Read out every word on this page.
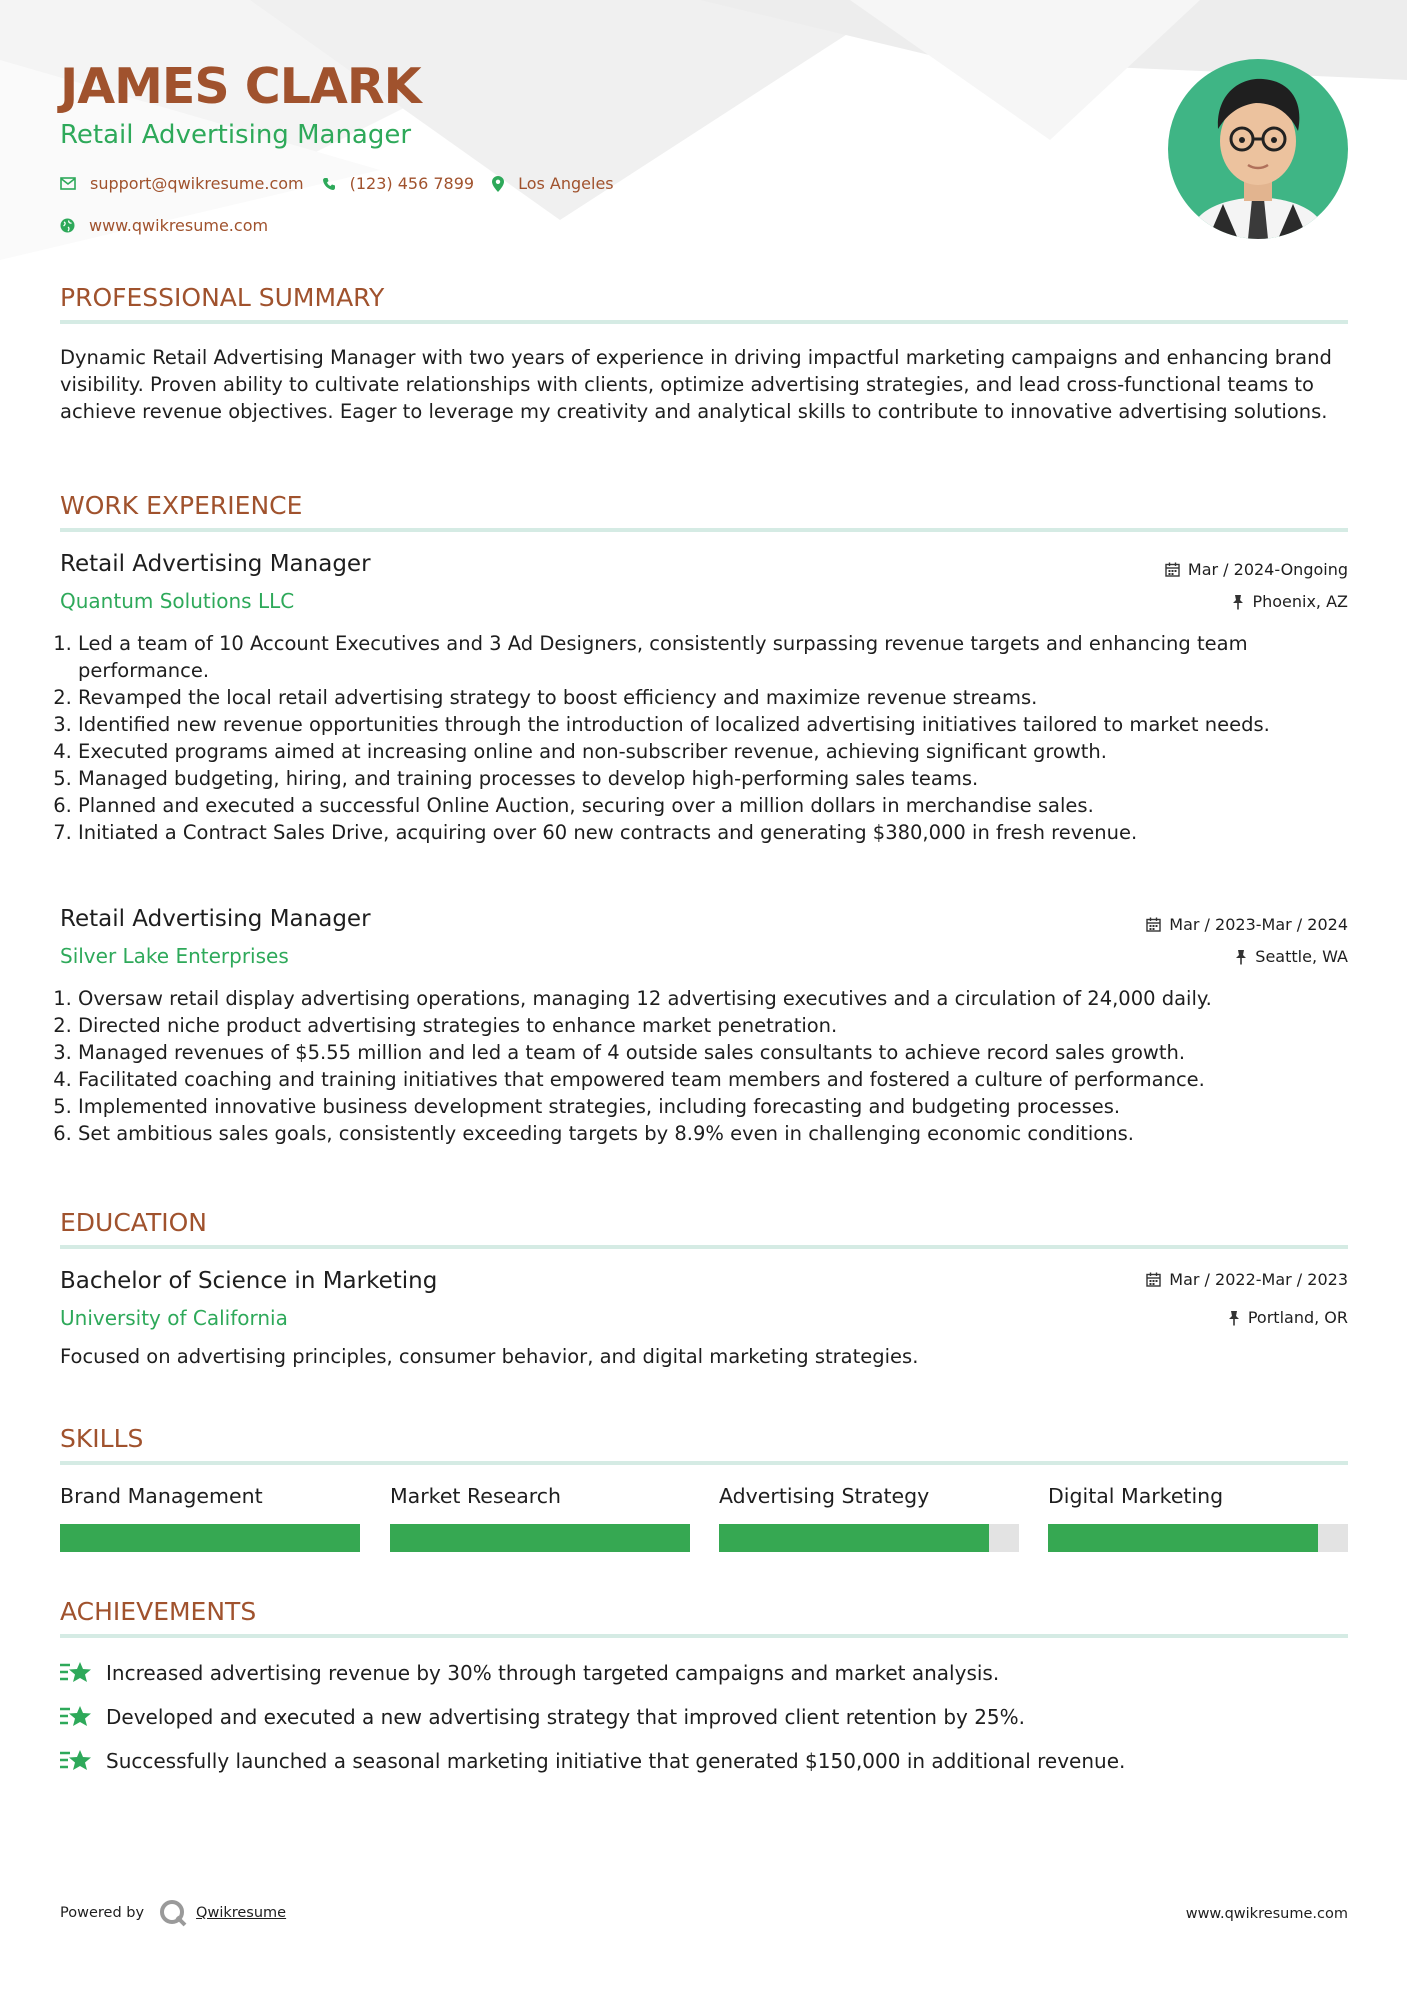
JAMES CLARK
Retail Advertising Manager
support@qwikresume.com	(123) 456 7899	Los Angeles
www.qwikresume.com
PROFESSIONAL SUMMARY

Dynamic Retail Advertising Manager with two years of experience in driving impactful marketing campaigns and enhancing brand visibility. Proven ability to cultivate relationships with clients, optimize advertising strategies, and lead cross-functional teams to achieve revenue objectives. Eager to leverage my creativity and analytical skills to contribute to innovative advertising solutions.

WORK EXPERIENCE
Retail Advertising Manager	Mar / 2024-Ongoing
Quantum Solutions LLC	Phoenix, AZ
1. Led a team of 10 Account Executives and 3 Ad Designers, consistently surpassing revenue targets and enhancing team performance.
2. Revamped the local retail advertising strategy to boost efficiency and maximize revenue streams.
3. Identified new revenue opportunities through the introduction of localized advertising initiatives tailored to market needs.
4. Executed programs aimed at increasing online and non-subscriber revenue, achieving significant growth.
5. Managed budgeting, hiring, and training processes to develop high-performing sales teams.
6. Planned and executed a successful Online Auction, securing over a million dollars in merchandise sales.
7. Initiated a Contract Sales Drive, acquiring over 60 new contracts and generating $380,000 in fresh revenue.
Retail Advertising Manager	Mar / 2023-Mar / 2024
Silver Lake Enterprises	Seattle, WA
1. Oversaw retail display advertising operations, managing 12 advertising executives and a circulation of 24,000 daily.
2. Directed niche product advertising strategies to enhance market penetration.
3. Managed revenues of $5.55 million and led a team of 4 outside sales consultants to achieve record sales growth.
4. Facilitated coaching and training initiatives that empowered team members and fostered a culture of performance.
5. Implemented innovative business development strategies, including forecasting and budgeting processes.
6. Set ambitious sales goals, consistently exceeding targets by 8.9% even in challenging economic conditions.
EDUCATION
Bachelor of Science in Marketing	Mar / 2022-Mar / 2023
University of California	Portland, OR

Focused on advertising principles, consumer behavior, and digital marketing strategies.

SKILLS
Brand Management	Market Research	Advertising Strategy	Digital Marketing
ACHIEVEMENTS
Increased advertising revenue by 30% through targeted campaigns and market analysis.
Developed and executed a new advertising strategy that improved client retention by 25%.
Successfully launched a seasonal marketing initiative that generated $150,000 in additional revenue.
Powered by	Qwikresume	www.qwikresume.com
